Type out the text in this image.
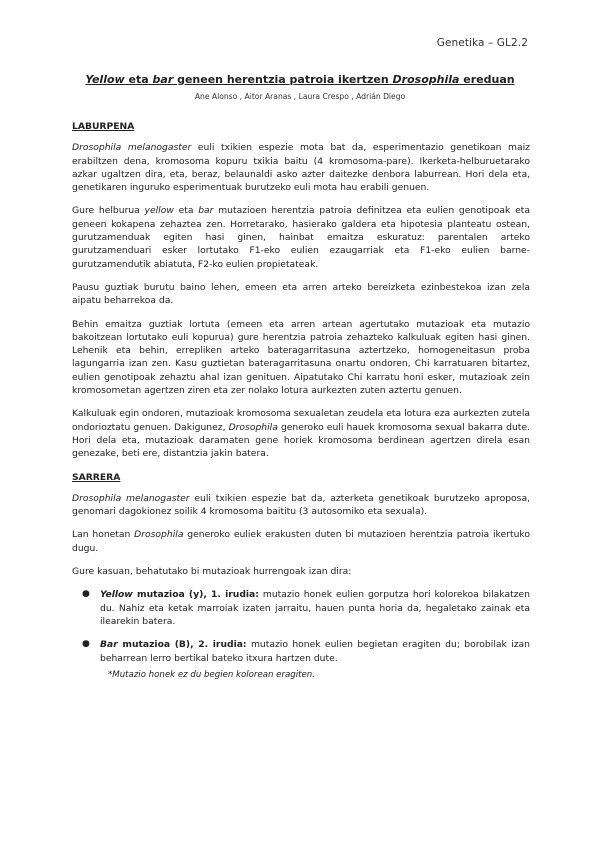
Genetika – GL2.2
Yellow eta bar geneen herentzia patroia ikertzen Drosophila ereduan
Ane Alonso , Aitor Aranas , Laura Crespo , Adrián Diego
LABURPENA

Drosophila melanogaster euli txikien espezie mota bat da, esperimentazio genetikoan maiz erabiltzen dena, kromosoma kopuru txikia baitu (4 kromosoma-pare). Ikerketa-helburuetarako azkar ugaltzen dira, eta, beraz, belaunaldi asko azter daitezke denbora laburrean. Hori dela eta, genetikaren inguruko esperimentuak burutzeko euli mota hau erabili genuen.

Gure helburua yellow eta bar mutazioen herentzia patroia definitzea eta eulien genotipoak eta geneen kokapena zehaztea zen. Horretarako, hasierako galdera eta hipotesia planteatu ostean, gurutzamenduak egiten hasi ginen, hainbat emaitza eskuratuz: parentalen arteko gurutzamenduari esker lortutako F1-eko eulien ezaugarriak eta F1-eko eulien barne-gurutzamendutik abiatuta, F2-ko eulien propietateak.

Pausu guztiak burutu baino lehen, emeen eta arren arteko bereizketa ezinbestekoa izan zela aipatu beharrekoa da.

Behin emaitza guztiak lortuta (emeen eta arren artean agertutako mutazioak eta mutazio bakoitzean lortutako euli kopurua) gure herentzia patroia zehazteko kalkuluak egiten hasi ginen. Lehenik eta behin, errepliken arteko bateragarritasuna aztertzeko, homogeneitasun proba lagungarria izan zen. Kasu guztietan bateragarritasuna onartu ondoren, Chi karratuaren bitartez, eulien genotipoak zehaztu ahal izan genituen. Aipatutako Chi karratu honi esker, mutazioak zein kromosometan agertzen ziren eta zer nolako lotura aurkezten zuten aztertu genuen.

Kalkuluak egin ondoren, mutazioak kromosoma sexualetan zeudela eta lotura eza aurkezten zutela ondorioztatu genuen. Dakigunez, Drosophila generoko euli hauek kromosoma sexual bakarra dute. Hori dela eta, mutazioak daramaten gene horiek kromosoma berdinean agertzen direla esan genezake, beti ere, distantzia jakin batera.

SARRERA

Drosophila melanogaster euli txikien espezie bat da, azterketa genetikoak burutzeko aproposa, genomari dagokionez soilik 4 kromosoma baititu (3 autosomiko eta sexuala).

Lan honetan Drosophila generoko euliek erakusten duten bi mutazioen herentzia patroia ikertuko dugu.

Gure kasuan, behatutako bi mutazioak hurrengoak izan dira:

● Yellow mutazioa (y), 1. irudia: mutazio honek eulien gorputza hori kolorekoa bilakatzen du. Nahiz eta ketak marroiak izaten jarraitu, hauen punta horia da, hegaletako zainak eta ilearekin batera.
● Bar mutazioa (B), 2. irudia: mutazio honek eulien begietan eragiten du; borobilak izan beharrean lerro bertikal bateko itxura hartzen dute.
*Mutazio honek ez du begien kolorean eragiten.
